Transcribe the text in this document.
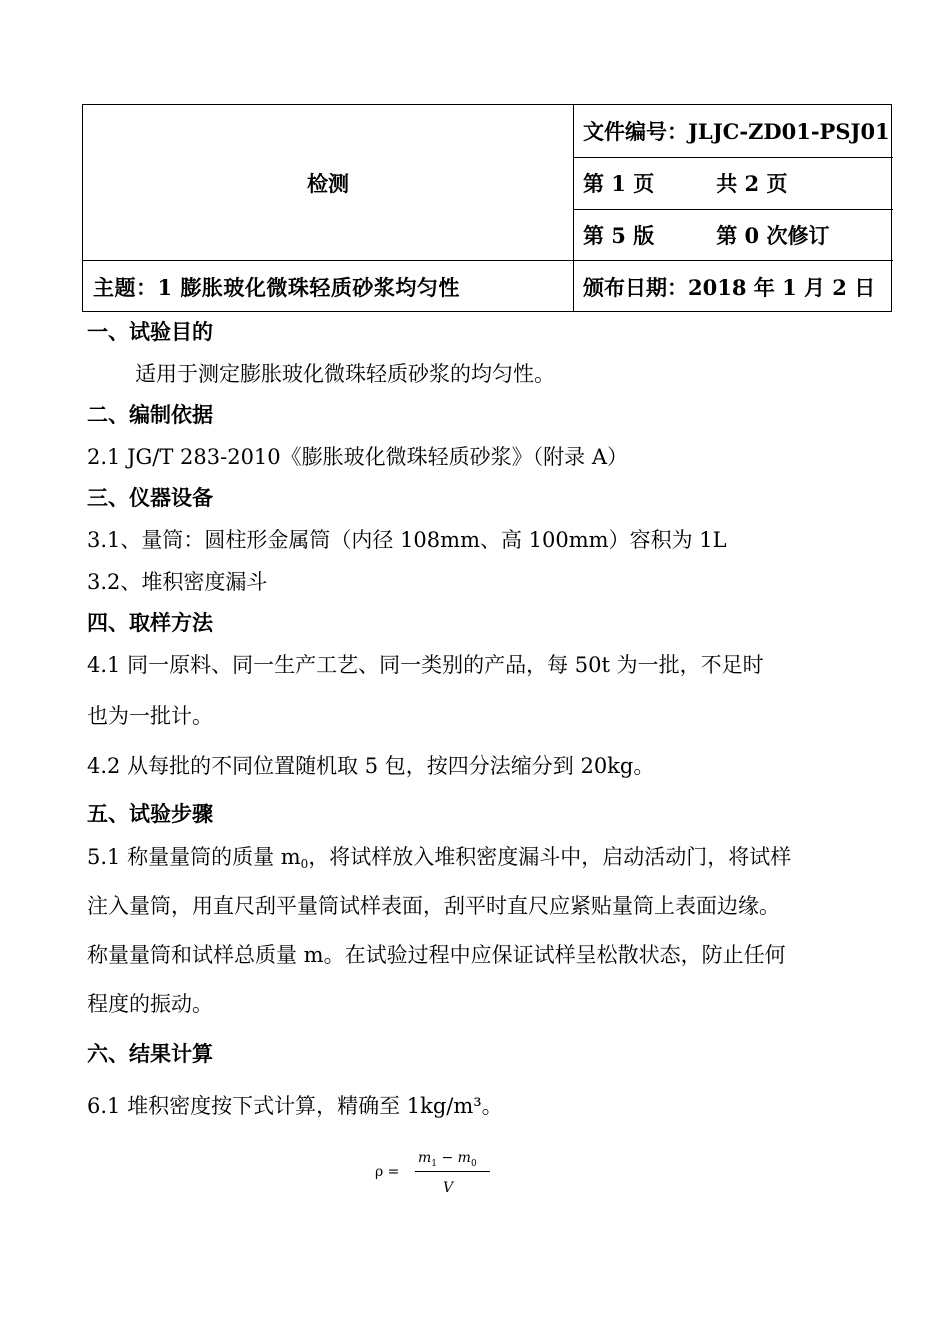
检测
主题：1 膨胀玻化微珠轻质砂浆均匀性
文件编号：JLJC-ZD01-PSJ01
第 1 页	共 2 页
第 5 版	第 0 次修订
颁布日期：2018 年 1 月 2 日
一、试验目的
适用于测定膨胀玻化微珠轻质砂浆的均匀性。
二、编制依据
2.1 JG/T 283-2010《膨胀玻化微珠轻质砂浆》（附录 A）
三、仪器设备
3.1、量筒：圆柱形金属筒（内径 108mm、高 100mm）容积为 1L
3.2、堆积密度漏斗
四、取样方法
4.1 同一原料、同一生产工艺、同一类别的产品，每 50t 为一批，不足时
也为一批计。
4.2 从每批的不同位置随机取 5 包，按四分法缩分到 20kg。
五、试验步骤
5.1 称量量筒的质量 $m_0$，将试样放入堆积密度漏斗中，启动活动门，将试样
注入量筒，用直尺刮平量筒试样表面，刮平时直尺应紧贴量筒上表面边缘。
称量量筒和试样总质量 m。在试验过程中应保证试样呈松散状态，防止任何
程度的振动。
六、结果计算
6.1 堆积密度按下式计算，精确至 1kg/m³。
ρ =
$m_1 - m_0$
V
